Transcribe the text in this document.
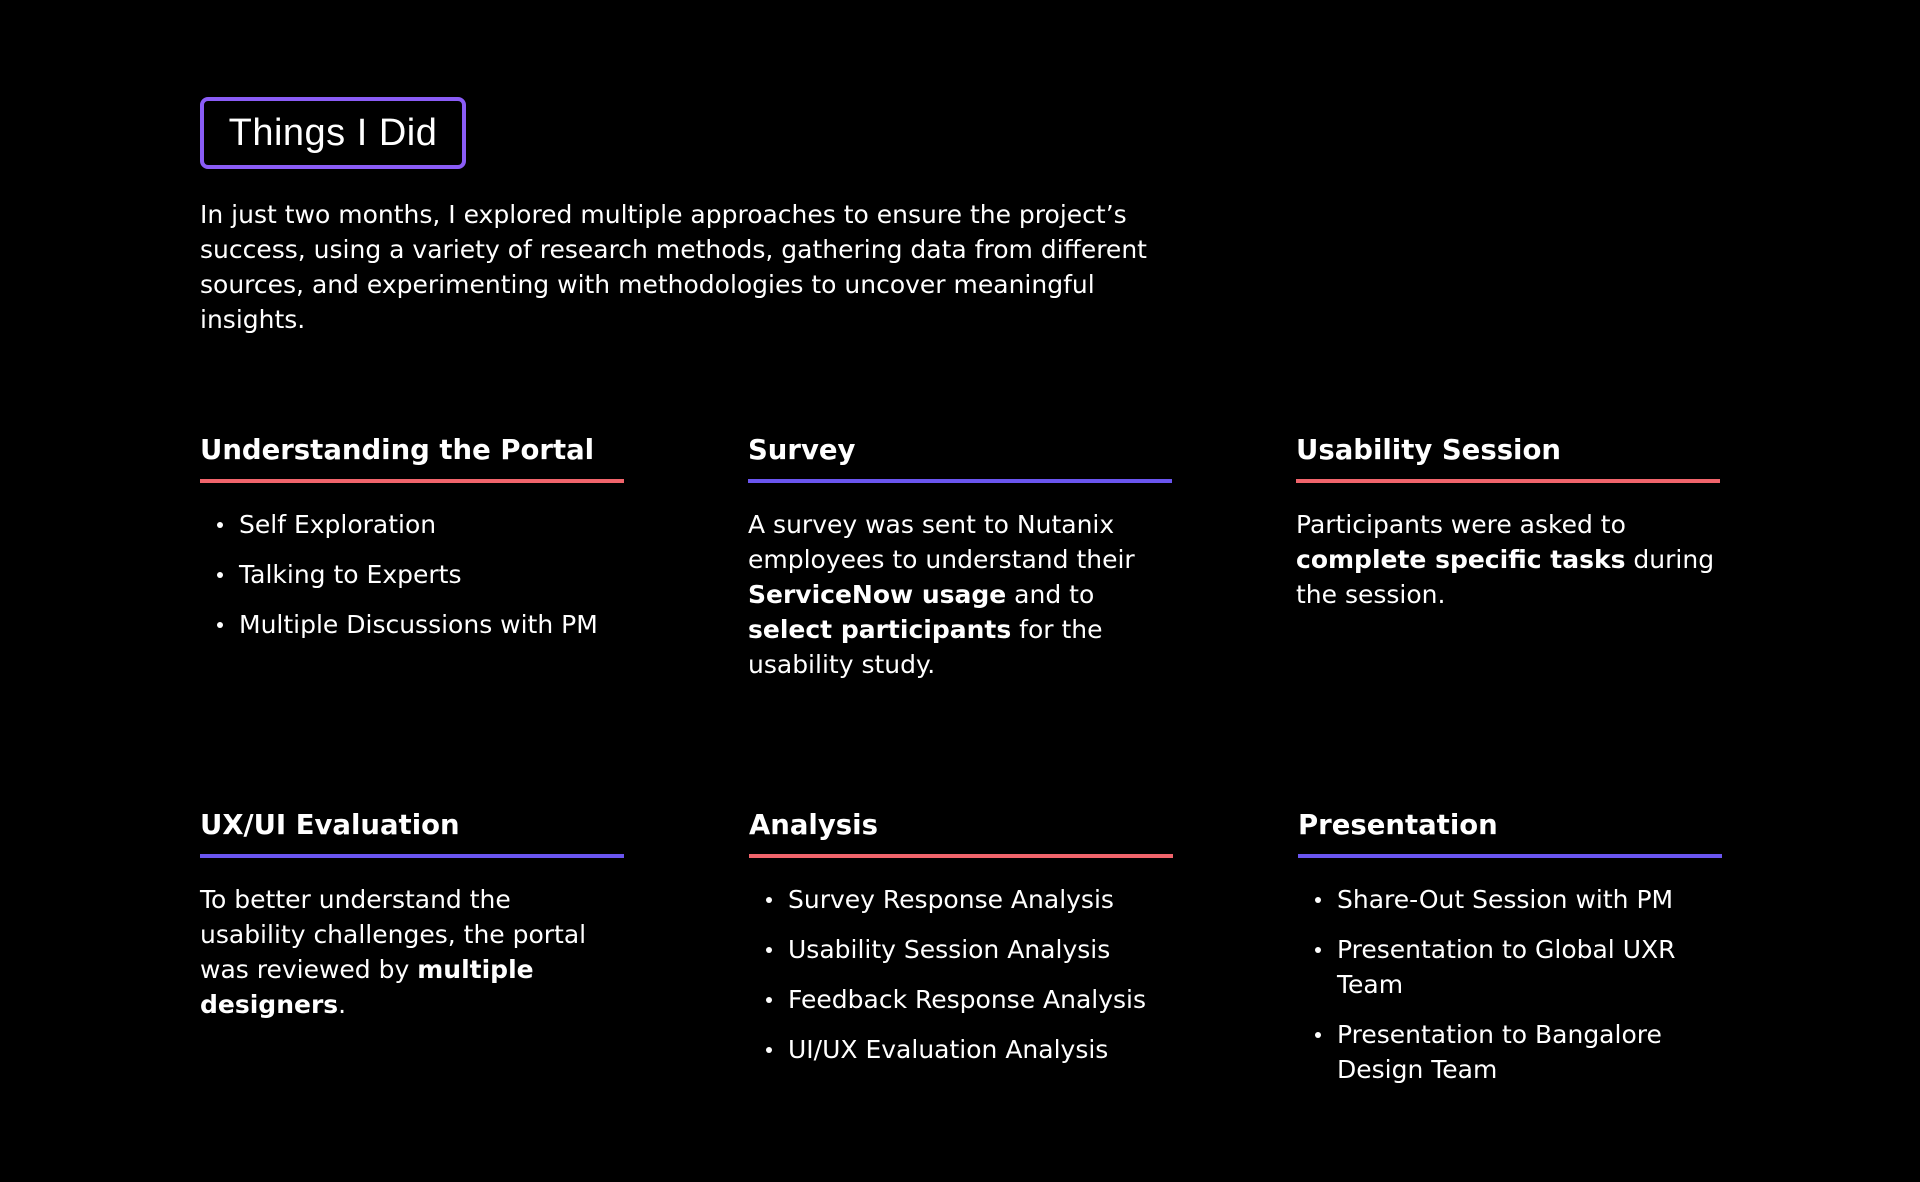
Things I Did

In just two months, I explored multiple approaches to ensure the project’s success, using a variety of research methods, gathering data from different sources, and experimenting with methodologies to uncover meaningful insights.

Understanding the Portal
Self Exploration
Talking to Experts
Multiple Discussions with PM
Survey

A survey was sent to Nutanix employees to understand their ServiceNow usage and to select participants for the usability study.

Usability Session

Participants were asked to complete specific tasks during the session.

UX/UI Evaluation

To better understand the usability challenges, the portal was reviewed by multiple designers.

Analysis
Survey Response Analysis
Usability Session Analysis
Feedback Response Analysis
UI/UX Evaluation Analysis
Presentation
Share-Out Session with PM
Presentation to Global UXR Team
Presentation to Bangalore Design Team
